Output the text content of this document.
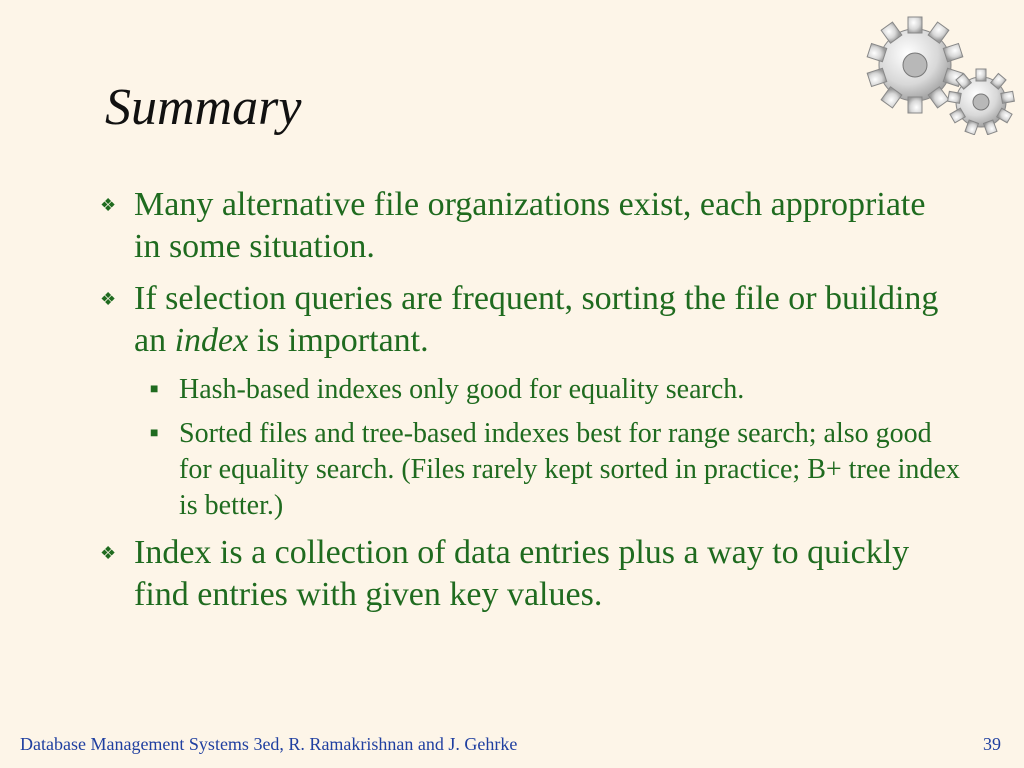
Summary
❖ Many alternative file organizations exist, each appropriate in some situation.
❖ If selection queries are frequent, sorting the file or building an index is important.
■ Hash-based indexes only good for equality search.
■ Sorted files and tree-based indexes best for range search; also good for equality search. (Files rarely kept sorted in practice; B+ tree index is better.)
❖ Index is a collection of data entries plus a way to quickly find entries with given key values.
Database Management Systems 3ed, R. Ramakrishnan and J. Gehrke	39
